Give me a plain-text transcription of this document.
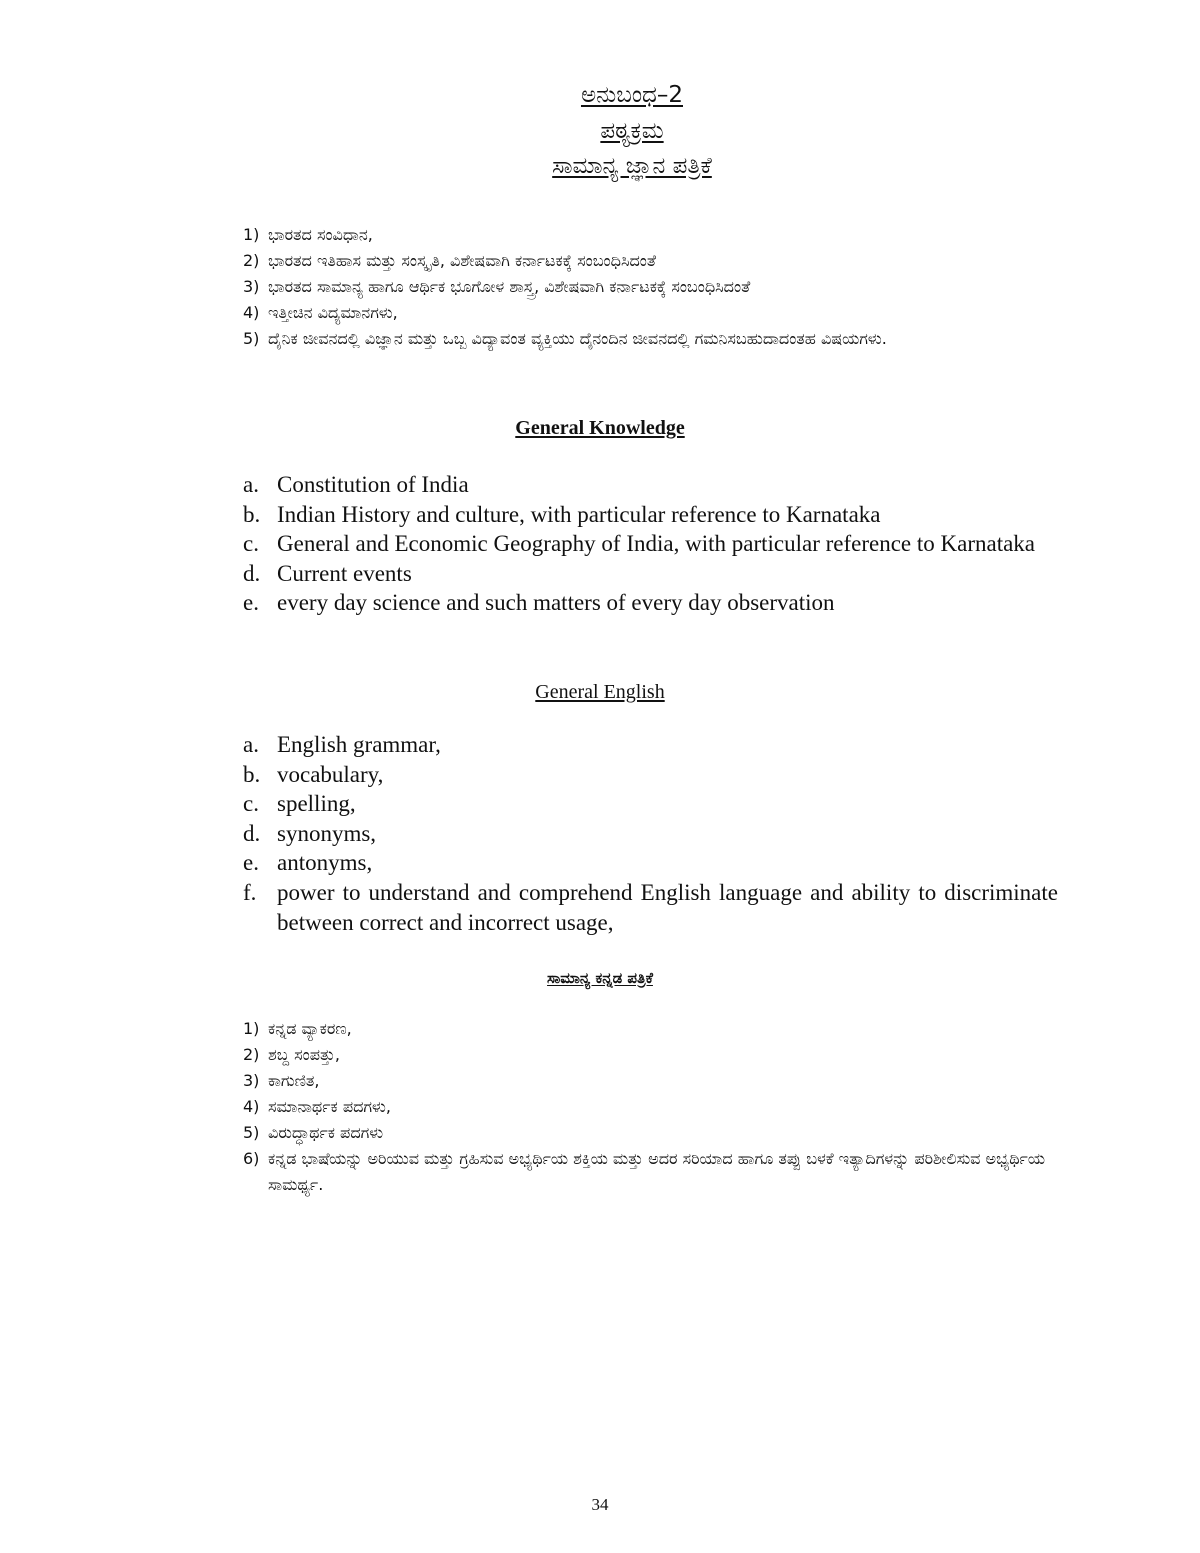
ಅನುಬಂಧ–2
ಪಠ್ಯಕ್ರಮ
ಸಾಮಾನ್ಯ ಜ್ಞಾನ ಪತ್ರಿಕೆ
1) ಭಾರತದ ಸಂವಿಧಾನ,
2) ಭಾರತದ ಇತಿಹಾಸ ಮತ್ತು ಸಂಸ್ಕೃತಿ, ವಿಶೇಷವಾಗಿ ಕರ್ನಾಟಕಕ್ಕೆ ಸಂಬಂಧಿಸಿದಂತೆ
3) ಭಾರತದ ಸಾಮಾನ್ಯ ಹಾಗೂ ಆರ್ಥಿಕ ಭೂಗೋಳ ಶಾಸ್ತ್ರ, ವಿಶೇಷವಾಗಿ ಕರ್ನಾಟಕಕ್ಕೆ ಸಂಬಂಧಿಸಿದಂತೆ
4) ಇತ್ತೀಚಿನ ವಿದ್ಯಮಾನಗಳು,
5) ದೈನಿಕ ಜೀವನದಲ್ಲಿ ವಿಜ್ಞಾನ ಮತ್ತು ಒಬ್ಬ ವಿದ್ಯಾವಂತ ವ್ಯಕ್ತಿಯು ದೈನಂದಿನ ಜೀವನದಲ್ಲಿ ಗಮನಿಸಬಹುದಾದಂತಹ ವಿಷಯಗಳು.
General Knowledge
a. Constitution of India
b. Indian History and culture, with particular reference to Karnataka
c. General and Economic Geography of India, with particular reference to Karnataka
d. Current events
e. every day science and such matters of every day observation
General English
a. English grammar,
b. vocabulary,
c. spelling,
d. synonyms,
e. antonyms,
f. power to understand and comprehend English language and ability to discriminate between correct and incorrect usage,
ಸಾಮಾನ್ಯ ಕನ್ನಡ ಪತ್ರಿಕೆ
1) ಕನ್ನಡ ವ್ಯಾಕರಣ,
2) ಶಬ್ದ ಸಂಪತ್ತು,
3) ಕಾಗುಣಿತ,
4) ಸಮಾನಾರ್ಥಕ ಪದಗಳು,
5) ವಿರುದ್ಧಾರ್ಥಕ ಪದಗಳು
6) ಕನ್ನಡ ಭಾಷೆಯನ್ನು ಅರಿಯುವ ಮತ್ತು ಗ್ರಹಿಸುವ ಅಭ್ಯರ್ಥಿಯ ಶಕ್ತಿಯ ಮತ್ತು ಅದರ ಸರಿಯಾದ ಹಾಗೂ ತಪ್ಪು ಬಳಕೆ ಇತ್ಯಾದಿಗಳನ್ನು ಪರಿಶೀಲಿಸುವ ಅಭ್ಯರ್ಥಿಯ ಸಾಮರ್ಥ್ಯ.
34
